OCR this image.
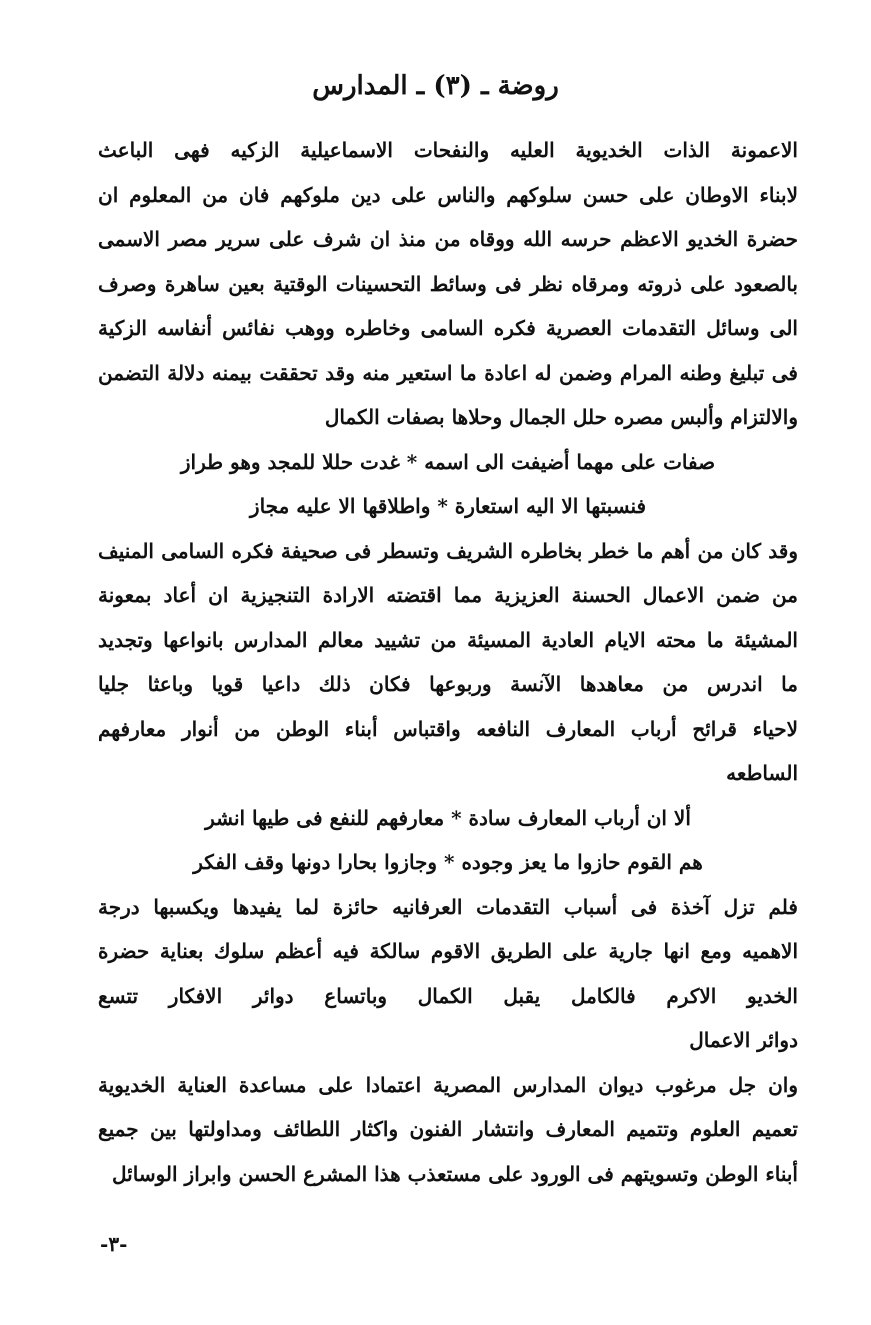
روضة ـ (٣) ـ المدارس
الاعمونة الذات الخديوية العليه والنفحات الاسماعيلية الزكيه فهى الباعث
لابناء الاوطان على حسن سلوكهم والناس على دين ملوكهم فان من المعلوم ان
حضرة الخديو الاعظم حرسه الله ووقاه من منذ ان شرف على سرير مصر الاسمى
بالصعود على ذروته ومرقاه نظر فى وسائط التحسينات الوقتية بعين ساهرة وصرف
الى وسائل التقدمات العصرية فكره السامى وخاطره ووهب نفائس أنفاسه الزكية
فى تبليغ وطنه المرام وضمن له اعادة ما استعير منه وقد تحققت بيمنه دلالة التضمن
والالتزام وألبس مصره حلل الجمال وحلاها بصفات الكمال
صفات على مهما أضيفت الى اسمه * غدت حللا للمجد وهو طراز
فنسبتها الا اليه استعارة * واطلاقها الا عليه مجاز
وقد كان من أهم ما خطر بخاطره الشريف وتسطر فى صحيفة فكره السامى المنيف
من ضمن الاعمال الحسنة العزيزية مما اقتضته الارادة التنجيزية ان أعاد بمعونة
المشيئة ما محته الايام العادية المسيئة من تشييد معالم المدارس بانواعها وتجديد
ما اندرس من معاهدها الآنسة وربوعها فكان ذلك داعيا قويا وباعثا جليا
لاحياء قرائح أرباب المعارف النافعه واقتباس أبناء الوطن من أنوار معارفهم
الساطعه
ألا ان أرباب المعارف سادة * معارفهم للنفع فى طيها انشر
هم القوم حازوا ما يعز وجوده * وجازوا بحارا دونها وقف الفكر
فلم تزل آخذة فى أسباب التقدمات العرفانيه حائزة لما يفيدها ويكسبها درجة
الاهميه ومع انها جارية على الطريق الاقوم سالكة فيه أعظم سلوك بعناية حضرة
الخديو الاكرم فالكامل يقبل الكمال وباتساع دوائر الافكار تتسع
دوائر الاعمال
وان جل مرغوب ديوان المدارس المصرية اعتمادا على مساعدة العناية الخديوية
تعميم العلوم وتتميم المعارف وانتشار الفنون واكثار اللطائف ومداولتها بين جميع
أبناء الوطن وتسويتهم فى الورود على مستعذب هذا المشرع الحسن وابراز الوسائل
-٣-
